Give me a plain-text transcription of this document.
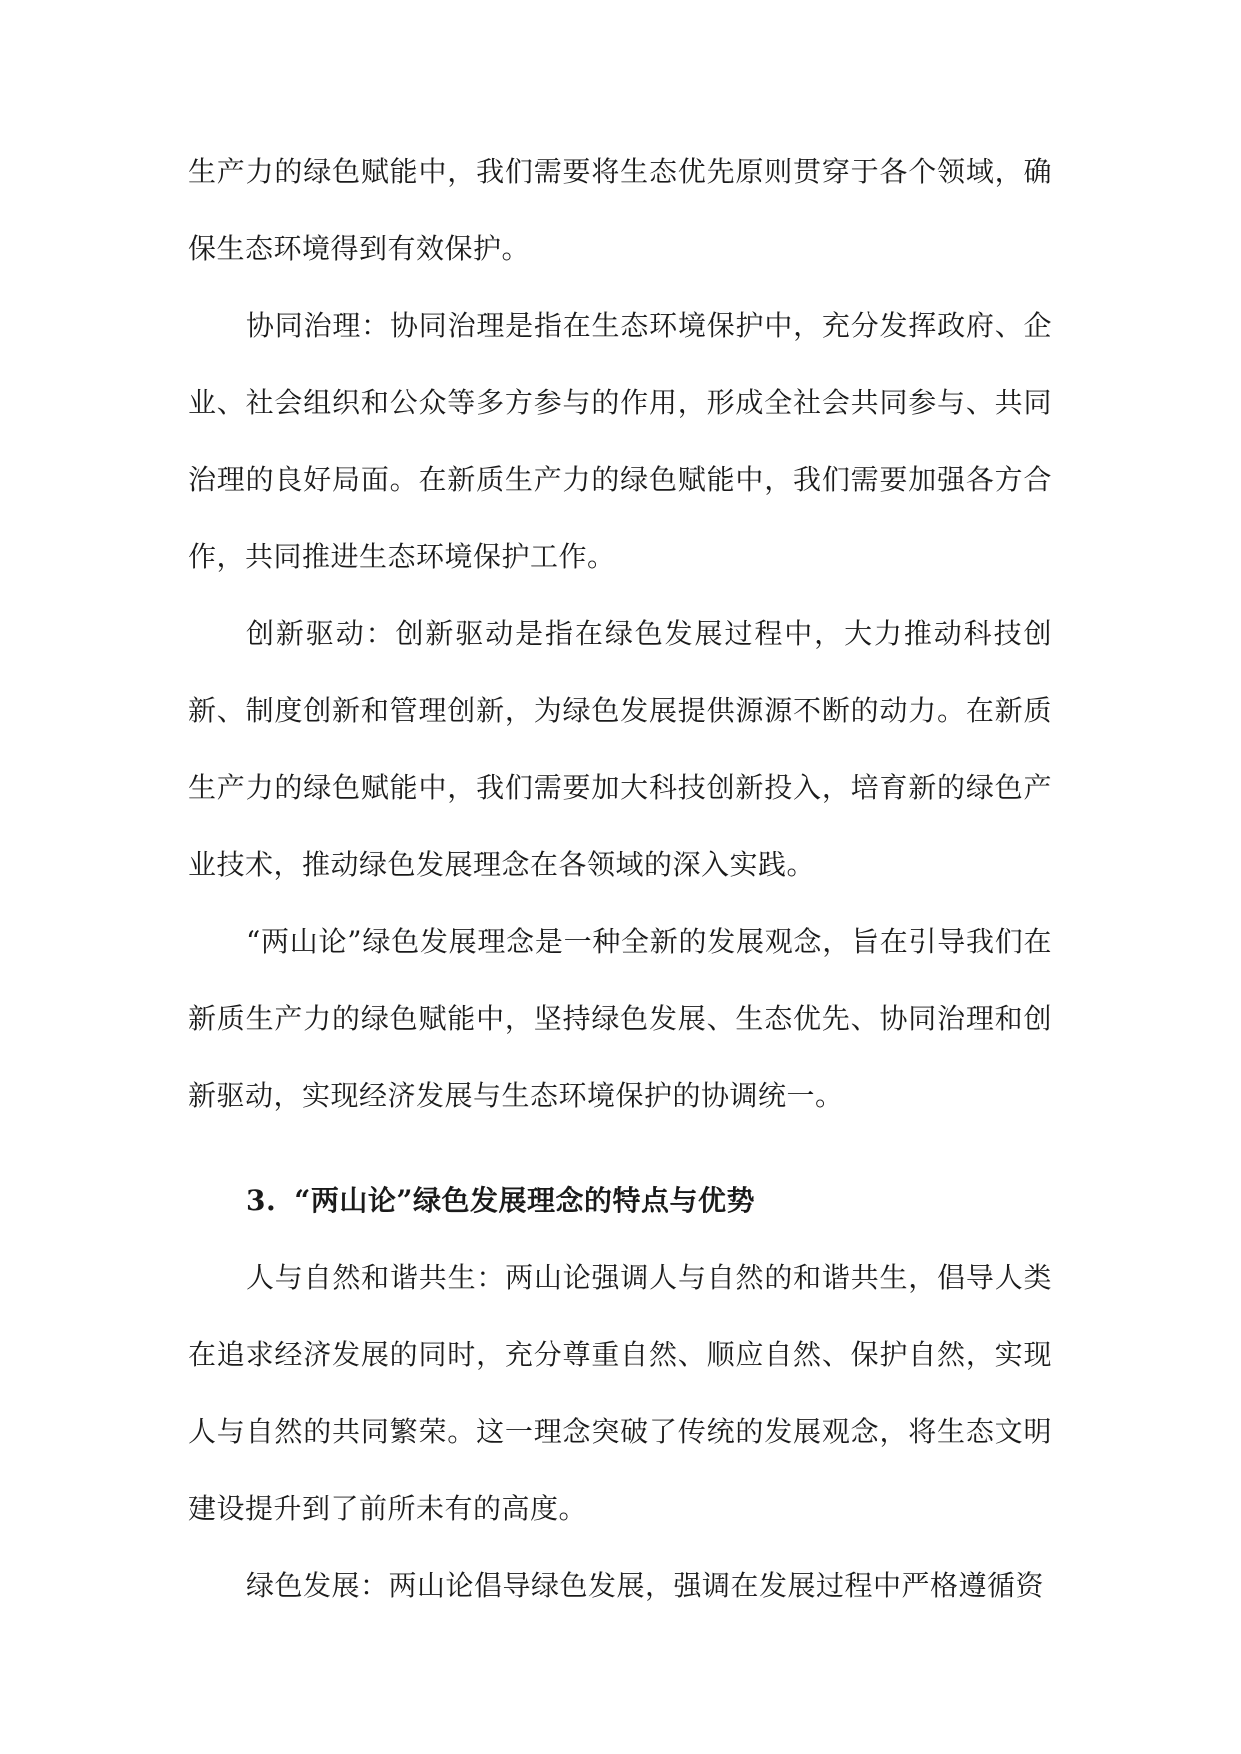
生产力的绿色赋能中，我们需要将生态优先原则贯穿于各个领域，确保生态环境得到有效保护。

协同治理：协同治理是指在生态环境保护中，充分发挥政府、企业、社会组织和公众等多方参与的作用，形成全社会共同参与、共同治理的良好局面。在新质生产力的绿色赋能中，我们需要加强各方合作，共同推进生态环境保护工作。

创新驱动：创新驱动是指在绿色发展过程中，大力推动科技创新、制度创新和管理创新，为绿色发展提供源源不断的动力。在新质生产力的绿色赋能中，我们需要加大科技创新投入，培育新的绿色产业技术，推动绿色发展理念在各领域的深入实践。

“两山论”绿色发展理念是一种全新的发展观念，旨在引导我们在新质生产力的绿色赋能中，坚持绿色发展、生态优先、协同治理和创新驱动，实现经济发展与生态环境保护的协调统一。

3. “两山论”绿色发展理念的特点与优势

人与自然和谐共生：两山论强调人与自然的和谐共生，倡导人类在追求经济发展的同时，充分尊重自然、顺应自然、保护自然，实现人与自然的共同繁荣。这一理念突破了传统的发展观念，将生态文明建设提升到了前所未有的高度。

绿色发展：两山论倡导绿色发展，强调在发展过程中严格遵循资
